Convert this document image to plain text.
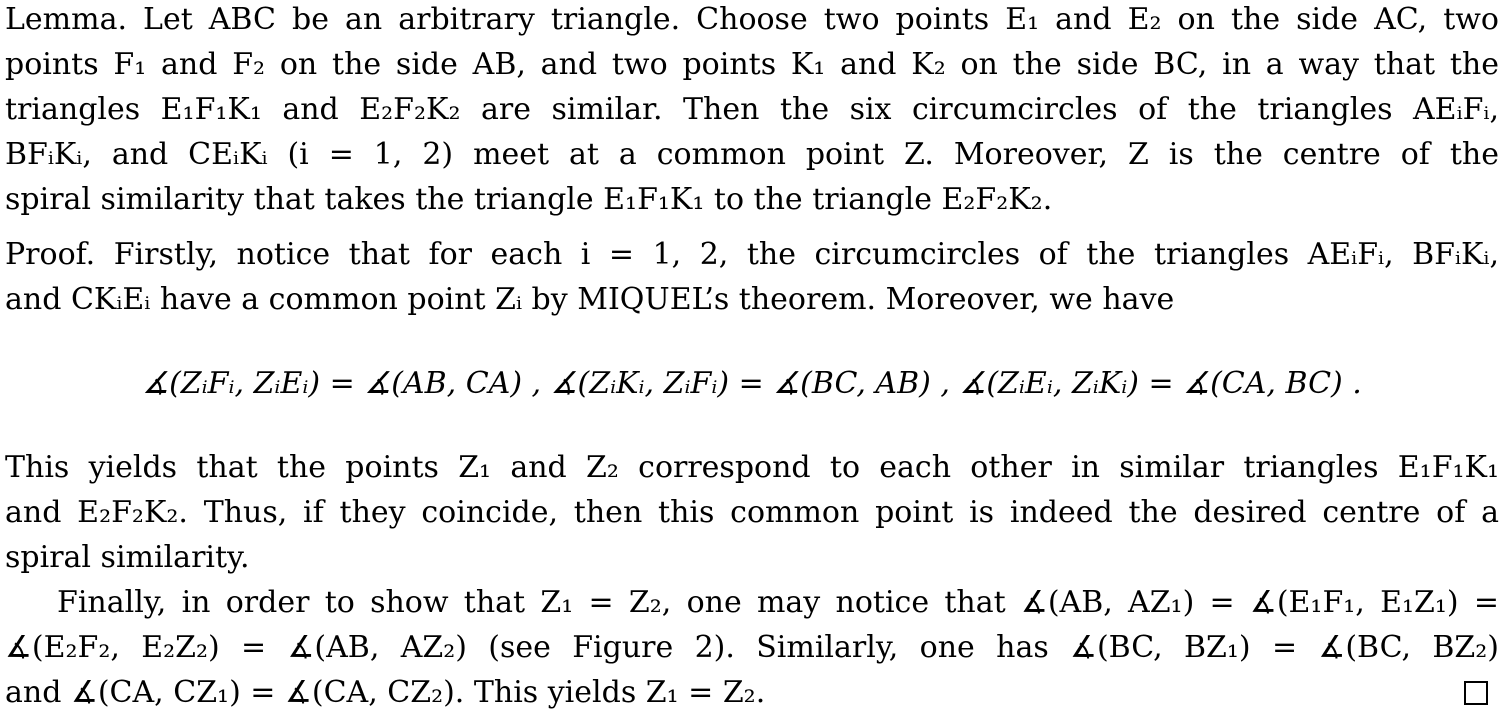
Lemma. Let ABC be an arbitrary triangle. Choose two points E₁ and E₂ on the side AC, two
points F₁ and F₂ on the side AB, and two points K₁ and K₂ on the side BC, in a way that the
triangles E₁F₁K₁ and E₂F₂K₂ are similar. Then the six circumcircles of the triangles AEᵢFᵢ,
BFᵢKᵢ, and CEᵢKᵢ (i = 1, 2) meet at a common point Z. Moreover, Z is the centre of the
spiral similarity that takes the triangle E₁F₁K₁ to the triangle E₂F₂K₂.
Proof. Firstly, notice that for each i = 1, 2, the circumcircles of the triangles AEᵢFᵢ, BFᵢKᵢ,
and CKᵢEᵢ have a common point Zᵢ by MIQUEL’s theorem. Moreover, we have
∡(ZᵢFᵢ, ZᵢEᵢ) = ∡(AB, CA) , ∡(ZᵢKᵢ, ZᵢFᵢ) = ∡(BC, AB) , ∡(ZᵢEᵢ, ZᵢKᵢ) = ∡(CA, BC) .
This yields that the points Z₁ and Z₂ correspond to each other in similar triangles E₁F₁K₁
and E₂F₂K₂. Thus, if they coincide, then this common point is indeed the desired centre of a
spiral similarity.
Finally, in order to show that Z₁ = Z₂, one may notice that ∡(AB, AZ₁) = ∡(E₁F₁, E₁Z₁) =
∡(E₂F₂, E₂Z₂) = ∡(AB, AZ₂) (see Figure 2). Similarly, one has ∡(BC, BZ₁) = ∡(BC, BZ₂)
and ∡(CA, CZ₁) = ∡(CA, CZ₂). This yields Z₁ = Z₂.
